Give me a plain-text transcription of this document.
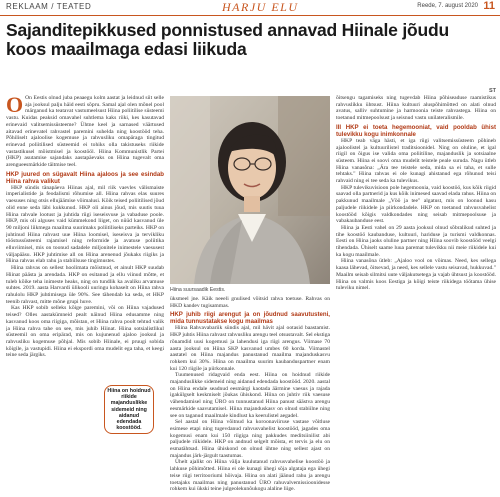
REKLAAM / TEATED	HARJU ELU	Reede, 7. august 2020 11
Sajanditepikkused ponnistused annavad Hiinale jõudu koos maailmaga edasi liikuda
ST

O On Eestis olnud juba peaaegu kolm aastat ja leidnud siit selle aja jooksul palju häid eesti sõpru. Samal ajal olen mõnel pool märganud ka teatavat vastumeelsust Hiina poliitilise süsteemi vastu. Kuidas peaksid omavahel suhtlema kaks riiki, kes kasutavad erinevaid valitsemissüsteeme? Ühtne keel ja sarnased väärtused aitavad erinevatel rahvastel paremini suhelda ning koostööd teha. Põhiliselt ajaloolise kogemuse ja rahvusliku omapäraga tingitud erinevad poliitilised süsteemid ei tohiks olla takistuseks riikide vastastikusel mõistmisel ja koostööl. Hiina Kommunistlik Partei (HKP) asutamise sajandaks aastapäevaks on Hiina tugevalt oma arengueesmärkide täitmise teel.

HKP juured on sügavalt Hiina ajaloos ja see esindab Hiina rahva valikut

HKP sündis tänapäeva Hiinas ajal, mil riik vaevles välismaiste imperialistide ja feodalismi rõhumise all. Hiina rahvas elas suures vaesuses ning otsis ellujäämise võimalusi. Kõik teised poliitilised jõud olid enne seda läbi kukkunud. HKP oli ainus jõud, mis suutis tuua Hiina rahvale lootust ja juhtida riigi iseseisvuse ja vabaduse poole. HKP, mis oli alguses vaid kümmekond liiget, on nüüd kasvanud üle 90 miljoni liikmega maailma suurimaks poliitiliseks parteiks. HKP on juhtinud Hiina rahvast uue Hiina loomisel, iseseisva ja tervikliku tööstussüsteemi rajamisel ning reformide ja avatuse poliitika elluviimisel, mis on toonud sadadele miljonitele inimestele vaesusest väljapääsu. HKP juhtimise all on Hiina arenenud jõukaks riigiks ja Hiina rahvas elab rahu ja stabiilsuse tingimustes.

Hiina rahvas on sellest hoolimata mõistnud, et ainult HKP suudab Hiinat päästa ja arendada. HKP on esitanud ja ellu viinud mõtte, et tuleb kõike teha inimeste heaks, ning on tundlik ka avaliku arvamuse suhtes. 2019. aasta Harvardi ülikooli uuringu kohaselt on Hiina rahva rahulolu HKP juhtimisega üle 90%. See tähendab ka seda, et HKP teenib rahvast, mitte mõne grupi huve.

Kas HKP sobib selleks kõige paremini, või on Hiina vajadused teised? Olles aastakümneid pealt näinud Hiina edusamme ning kasvanud koos oma riigiga, mõistan, et Hiina rahva poolt tehtud valik ja Hiina rahva tahe on see, mis juhib Hiinat. Hiina sotsialistlikul süsteemil on oma eripärad, mis on kujunenud ajaloo jooksul ja rahvusliku kogemuse põhjal. Mis sobib Hiinale, ei pruugi sobida kõigile, ja vastupidi. Hiina ei ekspordi oma mudelit ega taha, et keegi teine seda järgiks.

Hiina suursaadik Eestis.

üksmeel jne. Käik neeeli gnulised võitsid rahva toetuse. Rahvas on HKD kandev tugisammas.

HKP juhib riigi arengut ja on jõudnud saavutusteni, mida tunnustatakse kogu maailmas

Hiina Rahvavabariik sündis ajal, mil hävit ajal ootasid baastamist. HKP juhtis Hiina rahvast rahvusliku arengu teel otsustavalt. Sel ekstiga rõnamdid uusi kogemusi ja lahendusi iga riigi arengus. Viimase 70 aasta jooksul on Hiina SKP kasvanud umbes 60 korda. Viimastel aastatel on Hiina majandus panustanud maailma majanduskasvu rohkem kui 30%. Hiina on maailma suurim kaubanduspartner enam kui 120 riigile ja piirkonnale.

Tuumenused ridagvaid enda eest. Hiina on hoidnud riikide majanduslikke sidemeid ning aidanud edendada koostööd. 2020. aastal on Hiina endale seadnud eesmärgi kaotada äärmine vaesus ja rajada igakülgselt keskmiselt jõukas ühiskond. Hiina on juhtiv riik vaesuse vähendamisel ning ÜRO on tunnustanud Hiina panust säästva arengu eesmärkide saavutamisel. Hiina majanduskasv on olnud stabiilne ning see on taganud maailmale kindlust ka keerulistel aegadel.

Sel aastal on Hiina võitnud ka koroonaviiruse vastase võitluse esimese etapi ning tugevdanud rahvusvahelist koostööd, jagades oma kogemusi enam kui 150 riigiga ning pakkudes meditsiinilist abi paljudele riikidele. HKP on andnud selgelt mõista, et tervis ja elu on esmatähtsad. Hiina ühiskond on olnud ühtne ning sellest ajast on majandus järk-järgult taastumas.

Ühelt ajalikt on Hiina välja kuulutanud rahvusvahelise koostöö ja lahkuse põhimõtted. Hiina ei ole kunagi ühegi sõja algataja ega ühegi teise riigi territooriumi hõivaja. Hiina on alati jäänud rahu ja arengu toetajaks maailmas ning panustanud ÜRO rahuvalvemissioonidesse rohkem kui ükski teine julgeolekunõukogu alaline liige.

õitsengu tagamiseks ning tugevdab Hiina põhiseaduse raamistikus rahvuslikku ühtsust. Hiina kultuuri aluspõhimõtted on alati olnud avatus, salliv suhtumine ja harmoonia teiste rahvastega. Hiina on toetanud mitmepoolsust ja seisnud vastu unilateralismile.

III HKP ei toeta hegemooniat, vaid pooldab ühist tulevikku kogu inimkonnale

HKP teab väga hästi, et iga riigi valitsemissüsteem põhineb ajaloolistel ja kultuurilistel traditsioonidel. Ning on oluline, et igal riigil on õigus ise valida oma poliitiline, majanduslik ja sotsiaalne süsteem. Hiina ei soovi oma mudelit teistele peale suruda. Nagu ütleb Hiina vanasõna: „Ära tee teistele seda, mida sa ei taha, et sulle tehtaks." Hiina rahvas ei ole kunagi ahistanud ega rõhunud teisi rahvaid ning ei tee seda ka tulevikus.

HKP tulevikuvisioon pole hegemoonia, vaid koostöö, kus kõik riigid saavad olla partnerid ja kus kõik inimesed saavad elada rahus. Hiina on pakkunud maailmale „Vöö ja tee" algatust, mis on loonud kasu paljudele riikidele ja piirkondadele. HKP on toetanud rahvusvahelist koostööd kõigis valdkondades ning seisab mitmepoolsuse ja vabakaubanduse eest.

Hiina ja Eesti vahel on 29 aasta jooksul olnud sõbralikud suhted ja tihe koostöö kaubanduse, kultuuri, hariduse ja turismi valdkonnas. Eesti on Hiina jaoks oluline partner ning Hiina soovib koostööd veelgi tihendada. Ühiselt saame luua paremat tulevikku nii meie riikidele kui ka kogu maailmale.

Hiina vanasõna ütleb: „Ajaloo vool on võimas. Need, kes sellega kaasa lähevad, õitsevad, ja need, kes sellele vastu seisavad, hukkuvad." Maailm seisab silmitsi uute väljakutsetega ja vajab ühtsust ja koostööd. Hiina on valmis koos Eestiga ja kõigi teiste riikidega töötama ühise tuleviku nimel.

Hiina on hoidnud riikide majanduslikke sidemeid ning aidanud edendada koostööd.
